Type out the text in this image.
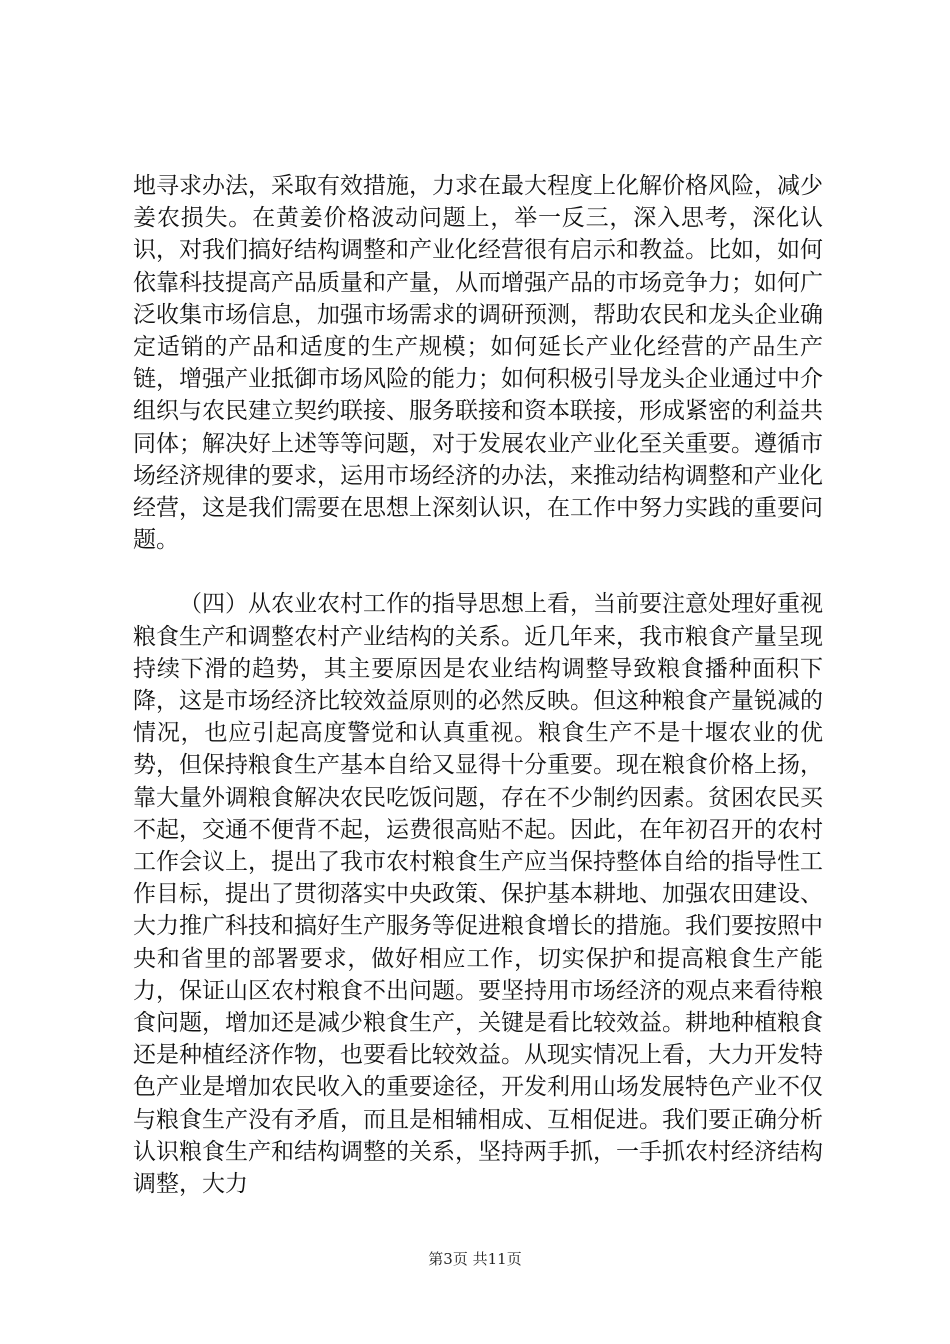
地寻求办法，采取有效措施，力求在最大程度上化解价格风险，减少姜农损失。在黄姜价格波动问题上，举一反三，深入思考，深化认识，对我们搞好结构调整和产业化经营很有启示和教益。比如，如何依靠科技提高产品质量和产量，从而增强产品的市场竞争力；如何广泛收集市场信息，加强市场需求的调研预测，帮助农民和龙头企业确定适销的产品和适度的生产规模；如何延长产业化经营的产品生产链，增强产业抵御市场风险的能力；如何积极引导龙头企业通过中介组织与农民建立契约联接、服务联接和资本联接，形成紧密的利益共同体；解决好上述等等问题，对于发展农业产业化至关重要。遵循市场经济规律的要求，运用市场经济的办法，来推动结构调整和产业化经营，这是我们需要在思想上深刻认识，在工作中努力实践的重要问题。

（四）从农业农村工作的指导思想上看，当前要注意处理好重视粮食生产和调整农村产业结构的关系。近几年来，我市粮食产量呈现持续下滑的趋势，其主要原因是农业结构调整导致粮食播种面积下降，这是市场经济比较效益原则的必然反映。但这种粮食产量锐减的情况，也应引起高度警觉和认真重视。粮食生产不是十堰农业的优势，但保持粮食生产基本自给又显得十分重要。现在粮食价格上扬，靠大量外调粮食解决农民吃饭问题，存在不少制约因素。贫困农民买不起，交通不便背不起，运费很高贴不起。因此，在年初召开的农村工作会议上，提出了我市农村粮食生产应当保持整体自给的指导性工作目标，提出了贯彻落实中央政策、保护基本耕地、加强农田建设、大力推广科技和搞好生产服务等促进粮食增长的措施。我们要按照中央和省里的部署要求，做好相应工作，切实保护和提高粮食生产能力，保证山区农村粮食不出问题。要坚持用市场经济的观点来看待粮食问题，增加还是减少粮食生产，关键是看比较效益。耕地种植粮食还是种植经济作物，也要看比较效益。从现实情况上看，大力开发特色产业是增加农民收入的重要途径，开发利用山场发展特色产业不仅与粮食生产没有矛盾，而且是相辅相成、互相促进。我们要正确分析认识粮食生产和结构调整的关系，坚持两手抓，一手抓农村经济结构调整，大力

第3页 共11页
